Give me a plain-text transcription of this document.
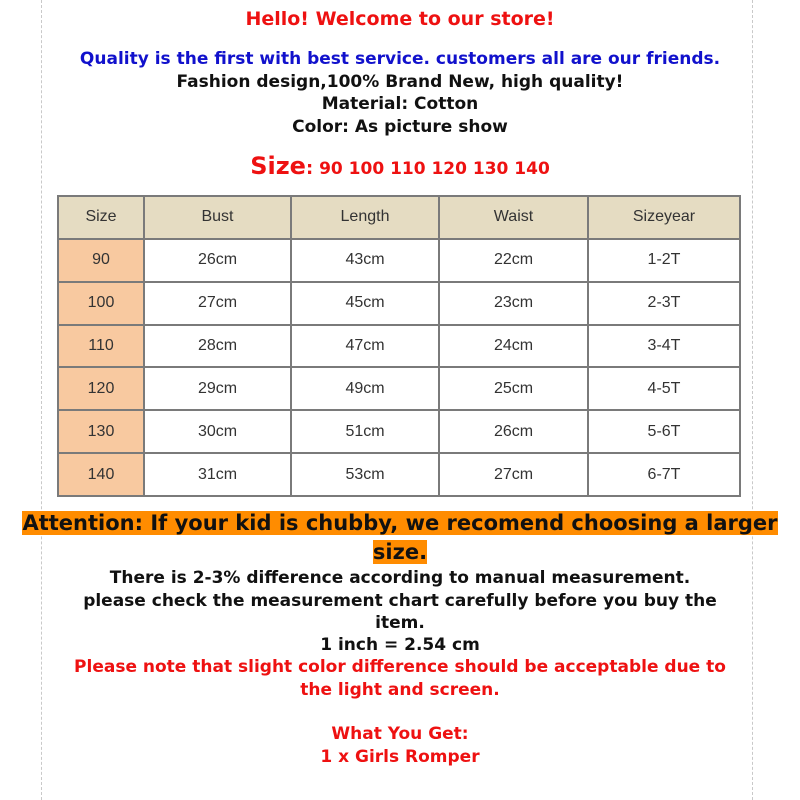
Hello! Welcome to our store!
Quality is the first with best service. customers all are our friends.
Fashion design,100% Brand New, high quality!
Material: Cotton
Color: As picture show
Size: 90 100 110 120 130 140
Size	Bust	Length	Waist	Sizeyear
90	26cm	43cm	22cm	1-2T
100	27cm	45cm	23cm	2-3T
110	28cm	47cm	24cm	3-4T
120	29cm	49cm	25cm	4-5T
130	30cm	51cm	26cm	5-6T
140	31cm	53cm	27cm	6-7T
Attention: If your kid is chubby, we recomend choosing a larger size.
There is 2-3% difference according to manual measurement.
please check the measurement chart carefully before you buy the
item.
1 inch = 2.54 cm
Please note that slight color difference should be acceptable due to
the light and screen.
What You Get:
1 x Girls Romper
